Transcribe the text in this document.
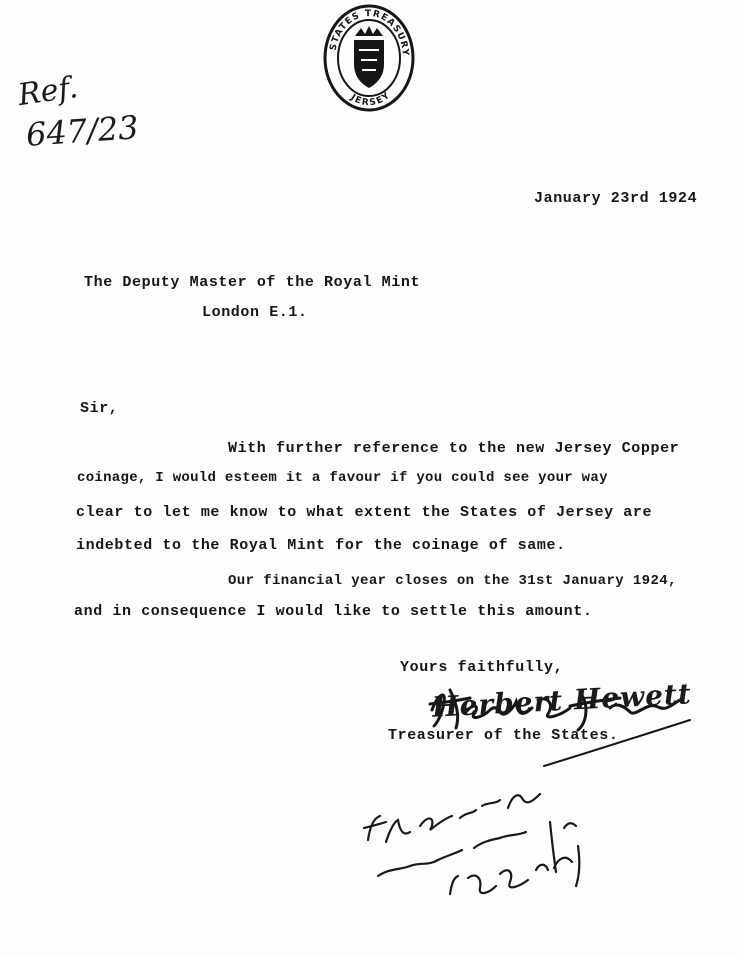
STATES TREASURY
JERSEY
Ref.
647/23
January 23rd 1924
The Deputy Master of the Royal Mint
London E.1.
Sir,
With further reference to the new Jersey Copper
coinage, I would esteem it a favour if you could see your way
clear to let me know to what extent the States of Jersey are
indebted to the Royal Mint for the coinage of same.
Our financial year closes on the 31st January 1924,
and in consequence I would like to settle this amount.
Yours faithfully,
Herbert Hewett
Treasurer of the States.
